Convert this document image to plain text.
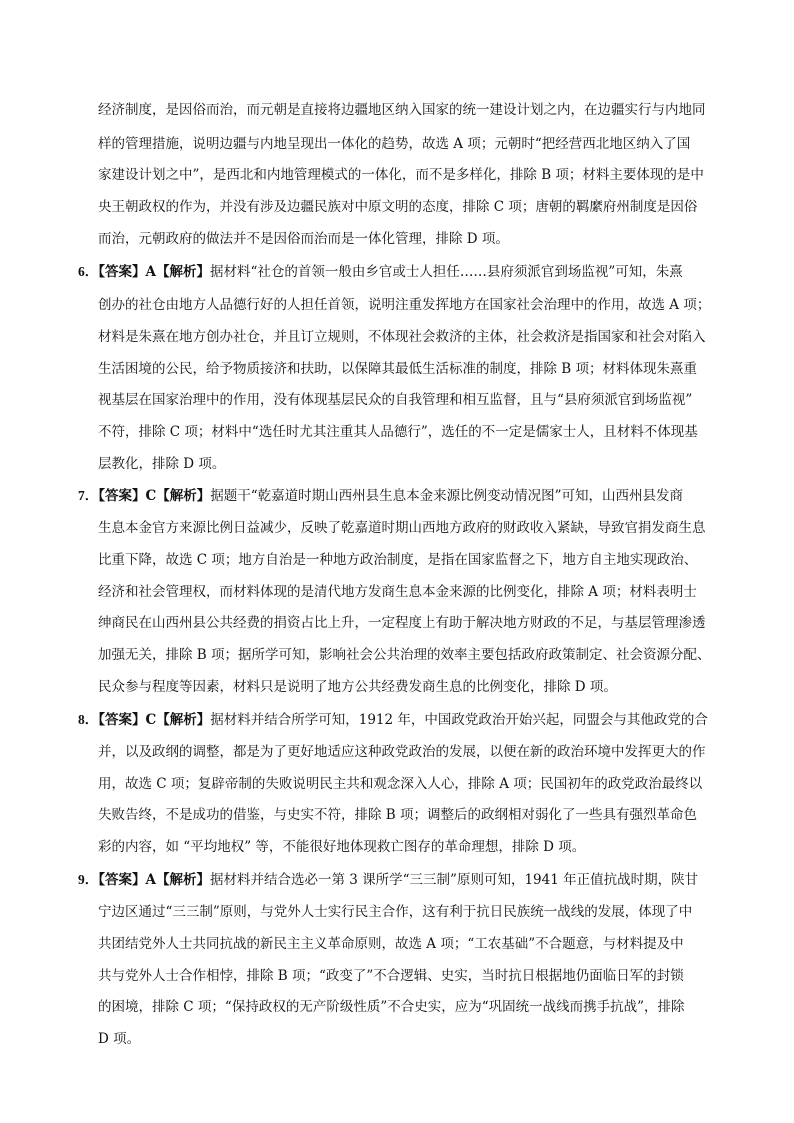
经济制度，是因俗而治，而元朝是直接将边疆地区纳入国家的统一建设计划之内，在边疆实行与内地同
样的管理措施，说明边疆与内地呈现出一体化的趋势，故选 A 项；元朝时“把经营西北地区纳入了国
家建设计划之中”，是西北和内地管理模式的一体化，而不是多样化，排除 B 项；材料主要体现的是中
央王朝政权的作为，并没有涉及边疆民族对中原文明的态度，排除 C 项；唐朝的羁縻府州制度是因俗
而治，元朝政府的做法并不是因俗而治而是一体化管理，排除 D 项。
6．【答案】A【解析】据材料“社仓的首领一般由乡官或士人担任……县府须派官到场监视”可知，朱熹
创办的社仓由地方人品德行好的人担任首领，说明注重发挥地方在国家社会治理中的作用，故选 A 项；
材料是朱熹在地方创办社仓，并且订立规则，不体现社会救济的主体，社会救济是指国家和社会对陷入
生活困境的公民，给予物质接济和扶助，以保障其最低生活标准的制度，排除 B 项；材料体现朱熹重
视基层在国家治理中的作用，没有体现基层民众的自我管理和相互监督，且与“县府须派官到场监视”
不符，排除 C 项；材料中“选任时尤其注重其人品德行”，选任的不一定是儒家士人，且材料不体现基
层教化，排除 D 项。
7．【答案】C【解析】据题干“乾嘉道时期山西州县生息本金来源比例变动情况图”可知，山西州县发商
生息本金官方来源比例日益减少，反映了乾嘉道时期山西地方政府的财政收入紧缺，导致官捐发商生息
比重下降，故选 C 项；地方自治是一种地方政治制度，是指在国家监督之下，地方自主地实现政治、
经济和社会管理权，而材料体现的是清代地方发商生息本金来源的比例变化，排除 A 项；材料表明士
绅商民在山西州县公共经费的捐资占比上升，一定程度上有助于解决地方财政的不足，与基层管理渗透
加强无关，排除 B 项；据所学可知，影响社会公共治理的效率主要包括政府政策制定、社会资源分配、
民众参与程度等因素，材料只是说明了地方公共经费发商生息的比例变化，排除 D 项。
8．【答案】C【解析】据材料并结合所学可知，1912 年，中国政党政治开始兴起，同盟会与其他政党的合
并，以及政纲的调整，都是为了更好地适应这种政党政治的发展，以便在新的政治环境中发挥更大的作
用，故选 C 项；复辟帝制的失败说明民主共和观念深入人心，排除 A 项；民国初年的政党政治最终以
失败告终，不是成功的借鉴，与史实不符，排除 B 项；调整后的政纲相对弱化了一些具有强烈革命色
彩的内容，如 “平均地权” 等，不能很好地体现救亡图存的革命理想，排除 D 项。
9．【答案】A【解析】据材料并结合选必一第 3 课所学“三三制”原则可知，1941 年正值抗战时期，陕甘
宁边区通过“三三制”原则，与党外人士实行民主合作，这有利于抗日民族统一战线的发展，体现了中
共团结党外人士共同抗战的新民主主义革命原则，故选 A 项；“工农基础”不合题意，与材料提及中
共与党外人士合作相悖，排除 B 项；“政变了”不合逻辑、史实，当时抗日根据地仍面临日军的封锁
的困境，排除 C 项；“保持政权的无产阶级性质”不合史实，应为“巩固统一战线而携手抗战”，排除
D 项。
